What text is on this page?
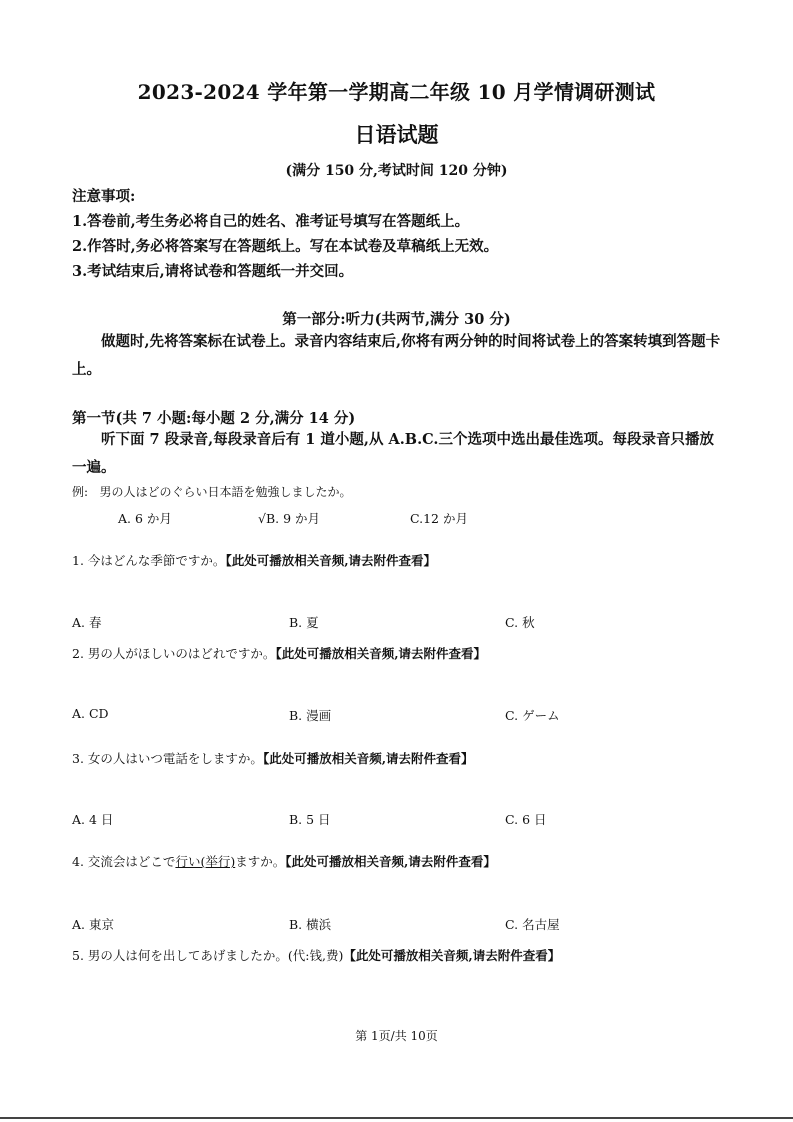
2023-2024 学年第一学期高二年级 10 月学情调研测试
日语试题
(满分 150 分,考试时间 120 分钟)
注意事项:
1.答卷前,考生务必将自己的姓名、准考证号填写在答题纸上。
2.作答时,务必将答案写在答题纸上。写在本试卷及草稿纸上无效。
3.考试结束后,请将试卷和答题纸一并交回。
第一部分:听力(共两节,满分 30 分)
做题时,先将答案标在试卷上。录音内容结束后,你将有两分钟的时间将试卷上的答案转填到答题卡上。
第一节(共 7 小题:每小题 2 分,满分 14 分)
听下面 7 段录音,每段录音后有 1 道小题,从 A.B.C.三个选项中选出最佳选项。每段录音只播放一遍。
例: 男の人はどのぐらい日本語を勉強しましたか。
A. 6 か月	√B. 9 か月	C.12 か月
1. 今はどんな季節ですか。【此处可播放相关音频,请去附件查看】
A. 春	B. 夏	C. 秋
2. 男の人がほしいのはどれですか。【此处可播放相关音频,请去附件查看】
A. CD	B. 漫画	C. ゲーム
3. 女の人はいつ電話をしますか。【此处可播放相关音频,请去附件查看】
A. 4 日	B. 5 日	C. 6 日
4. 交流会はどこで行い(举行)ますか。【此处可播放相关音频,请去附件查看】
A. 東京	B. 横浜	C. 名古屋
5. 男の人は何を出してあげましたか。(代:钱,费)【此处可播放相关音频,请去附件查看】
第 1页/共 10页
